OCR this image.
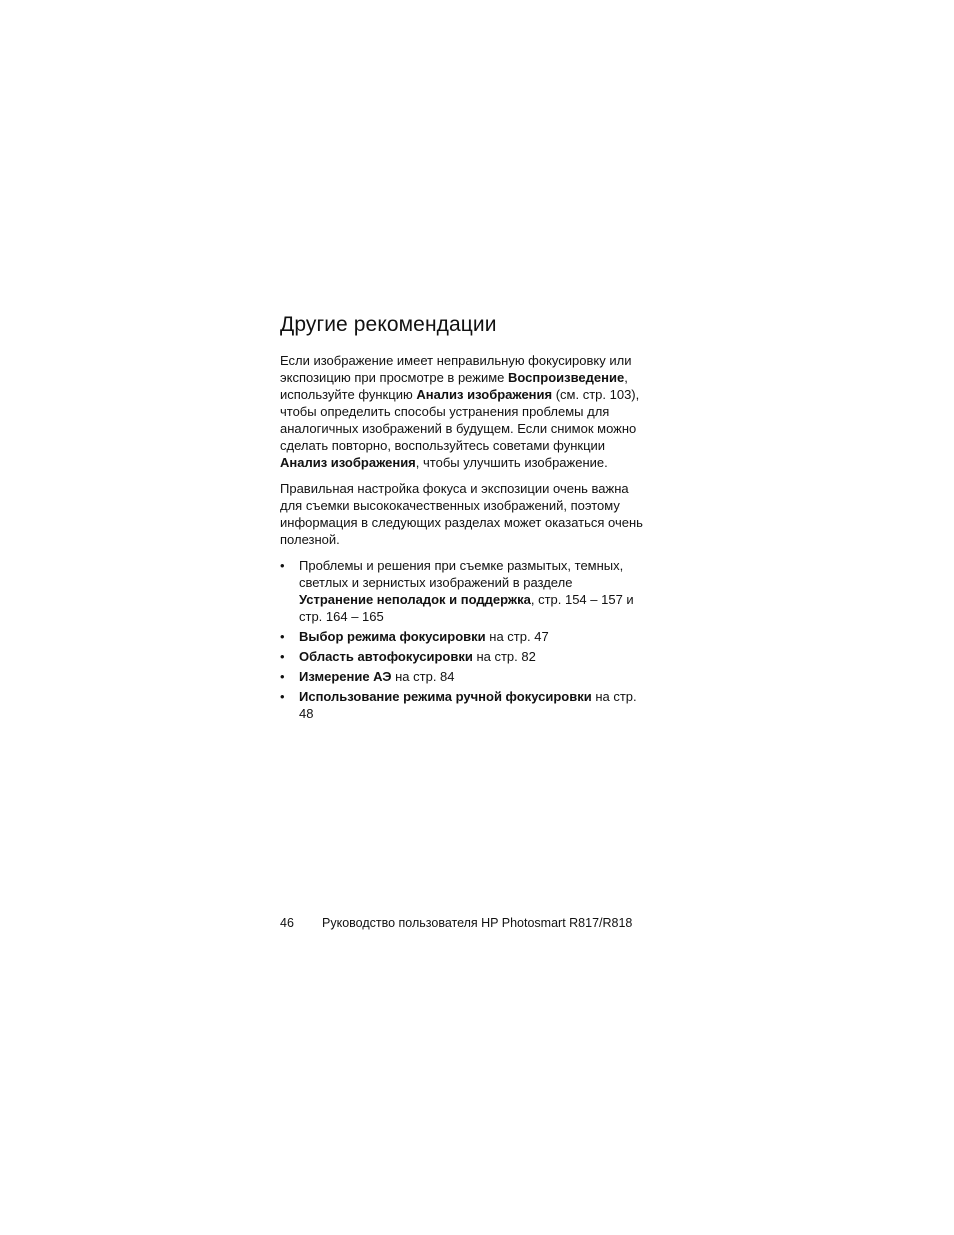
Другие рекомендации

Если изображение имеет неправильную фокусировку или экспозицию при просмотре в режиме Воспроизведение, используйте функцию Анализ изображения (см. стр. 103), чтобы определить способы устранения проблемы для аналогичных изображений в будущем. Если снимок можно сделать повторно, воспользуйтесь советами функции Анализ изображения, чтобы улучшить изображение.

Правильная настройка фокуса и экспозиции очень важна для съемки высококачественных изображений, поэтому информация в следующих разделах может оказаться очень полезной.

• Проблемы и решения при съемке размытых, темных, светлых и зернистых изображений в разделе Устранение неполадок и поддержка, стр. 154 – 157 и стр. 164 – 165
• Выбор режима фокусировки на стр. 47
• Область автофокусировки на стр. 82
• Измерение АЭ на стр. 84
• Использование режима ручной фокусировки на стр. 48
46 Руководство пользователя HP Photosmart R817/R818
